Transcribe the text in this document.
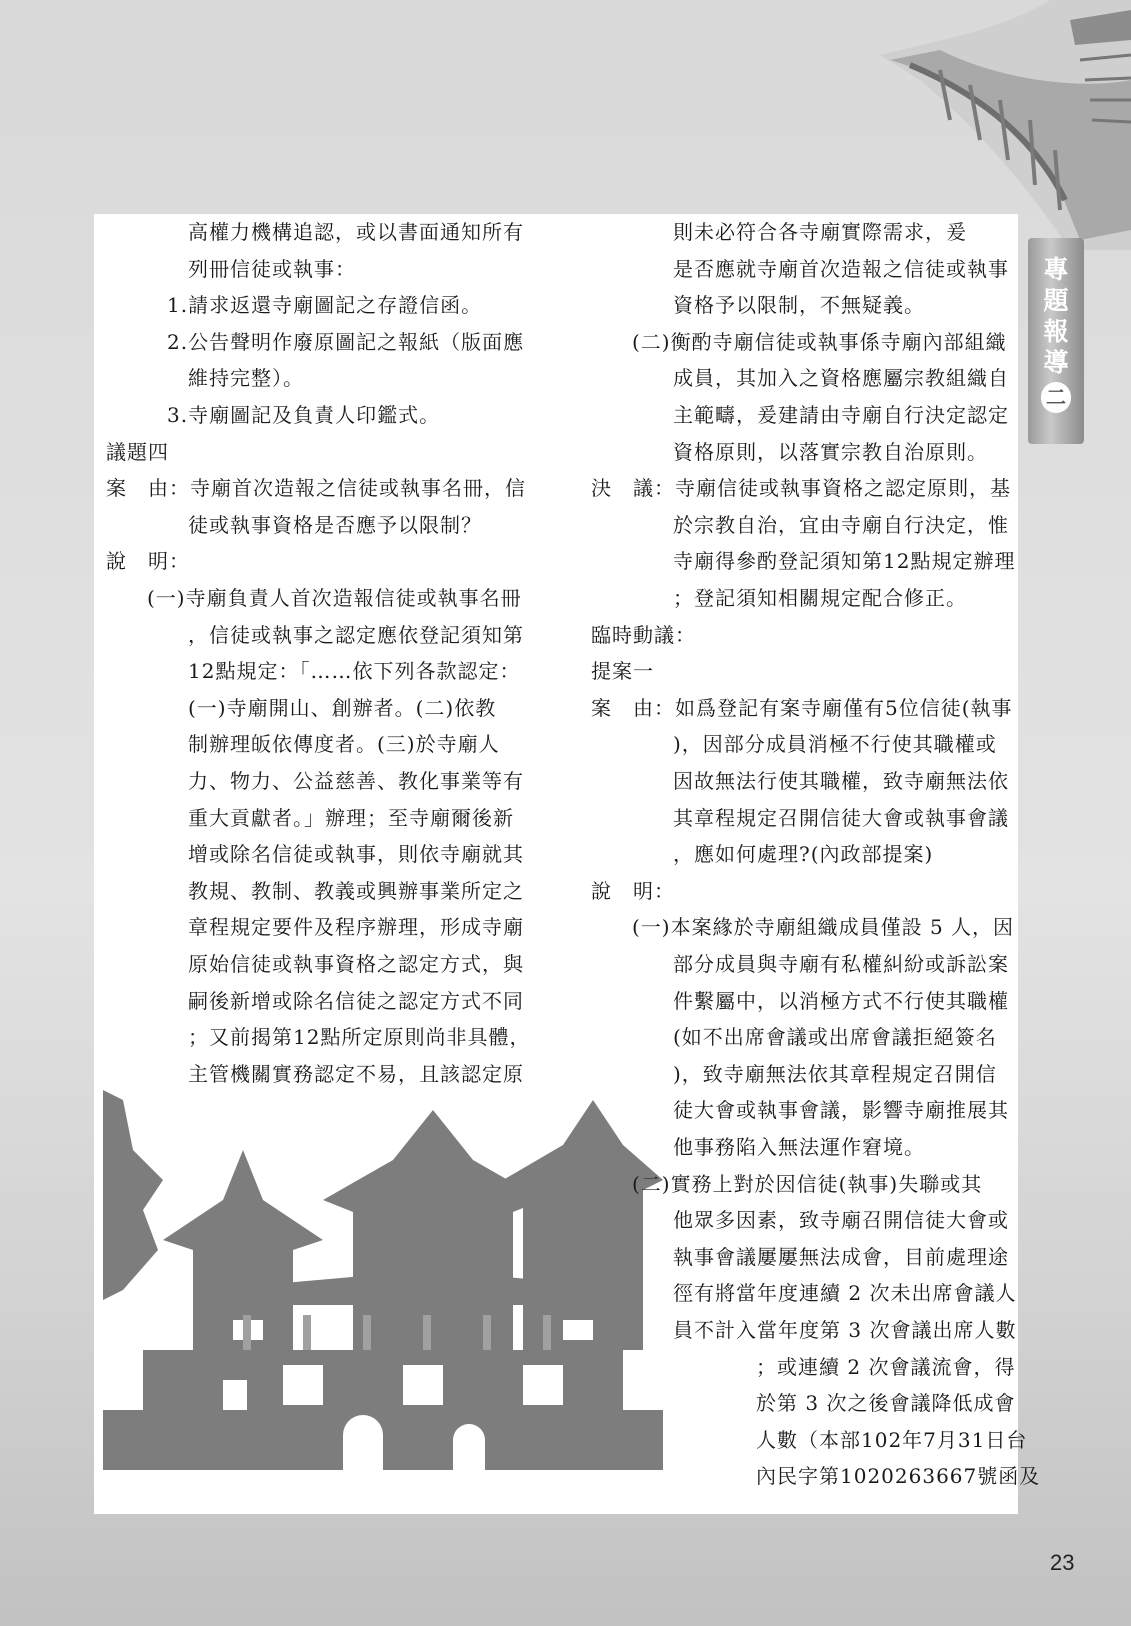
專
題
報
導
二
高權力機構追認，或以書面通知所有
列冊信徒或執事：
1.請求返還寺廟圖記之存證信函。
2.公告聲明作廢原圖記之報紙（版面應
維持完整）。
3.寺廟圖記及負責人印鑑式。
議題四
案　由：寺廟首次造報之信徒或執事名冊，信
徒或執事資格是否應予以限制？
說　明：
(一)寺廟負責人首次造報信徒或執事名冊
，信徒或執事之認定應依登記須知第
12點規定：「……依下列各款認定：
(一)寺廟開山、創辦者。(二)依教
制辦理皈依傳度者。(三)於寺廟人
力、物力、公益慈善、教化事業等有
重大貢獻者。」辦理；至寺廟爾後新
增或除名信徒或執事，則依寺廟就其
教規、教制、教義或興辦事業所定之
章程規定要件及程序辦理，形成寺廟
原始信徒或執事資格之認定方式，與
嗣後新增或除名信徒之認定方式不同
；又前揭第12點所定原則尚非具體，
主管機關實務認定不易，且該認定原
則未必符合各寺廟實際需求，爰
是否應就寺廟首次造報之信徒或執事
資格予以限制，不無疑義。
(二)衡酌寺廟信徒或執事係寺廟內部組織
成員，其加入之資格應屬宗教組織自
主範疇，爰建請由寺廟自行決定認定
資格原則，以落實宗教自治原則。
決　議：寺廟信徒或執事資格之認定原則，基
於宗教自治，宜由寺廟自行決定，惟
寺廟得參酌登記須知第12點規定辦理
；登記須知相關規定配合修正。
臨時動議：
提案一
案　由：如爲登記有案寺廟僅有5位信徒(執事
)，因部分成員消極不行使其職權或
因故無法行使其職權，致寺廟無法依
其章程規定召開信徒大會或執事會議
，應如何處理?(內政部提案)
說　明：
(一)本案緣於寺廟組織成員僅設 5 人，因
部分成員與寺廟有私權糾紛或訴訟案
件繫屬中，以消極方式不行使其職權
(如不出席會議或出席會議拒絕簽名
)，致寺廟無法依其章程規定召開信
徒大會或執事會議，影響寺廟推展其
他事務陷入無法運作窘境。
(二)實務上對於因信徒(執事)失聯或其
他眾多因素，致寺廟召開信徒大會或
執事會議屢屢無法成會，目前處理途
徑有將當年度連續 2 次未出席會議人
員不計入當年度第 3 次會議出席人數
；或連續 2 次會議流會，得
於第 3 次之後會議降低成會
人數（本部102年7月31日台
內民字第1020263667號函及
23
